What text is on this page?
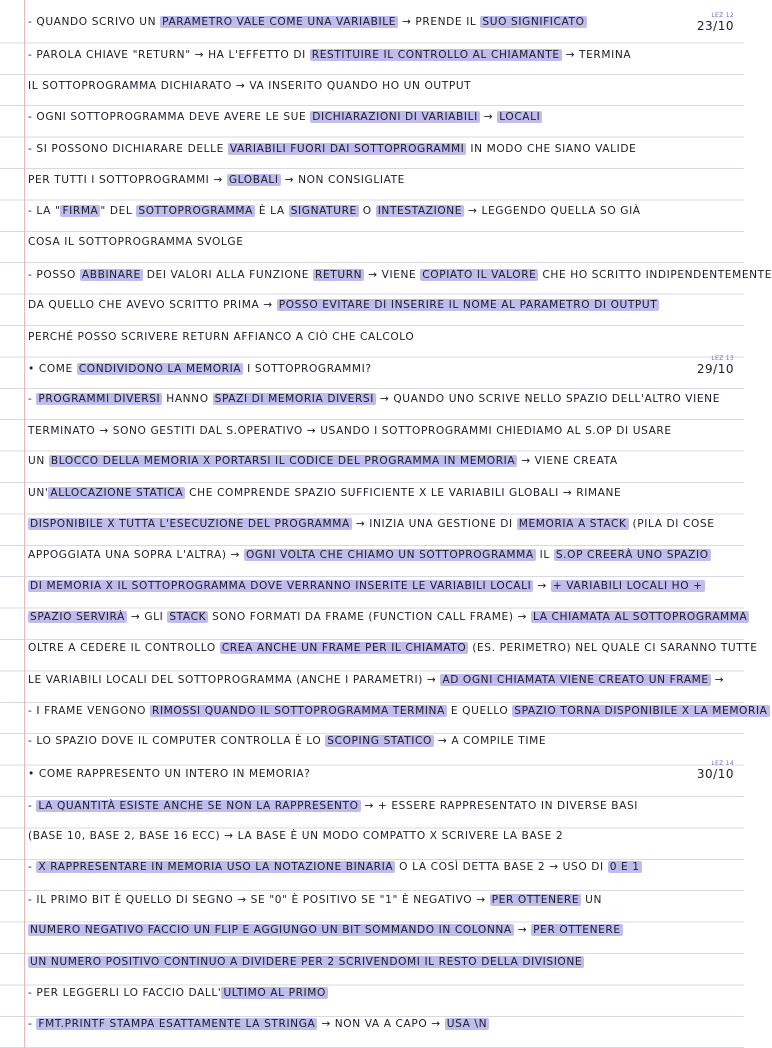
LEZ 12
23/10
- QUANDO SCRIVO UN PARAMETRO VALE COME UNA VARIABILE → PRENDE IL SUO SIGNIFICATO
- PAROLA CHIAVE "RETURN" → HA L'EFFETTO DI RESTITUIRE IL CONTROLLO AL CHIAMANTE → TERMINA
IL SOTTOPROGRAMMA DICHIARATO → VA INSERITO QUANDO HO UN OUTPUT
- OGNI SOTTOPROGRAMMA DEVE AVERE LE SUE DICHIARAZIONI DI VARIABILI → LOCALI
- SI POSSONO DICHIARARE DELLE VARIABILI FUORI DAI SOTTOPROGRAMMI IN MODO CHE SIANO VALIDE
PER TUTTI I SOTTOPROGRAMMI → GLOBALI → NON CONSIGLIATE
- LA " FIRMA " DEL SOTTOPROGRAMMA È LA SIGNATURE O INTESTAZIONE → LEGGENDO QUELLA SO GIÀ
COSA IL SOTTOPROGRAMMA SVOLGE
- POSSO ABBINARE DEI VALORI ALLA FUNZIONE RETURN → VIENE COPIATO IL VALORE CHE HO SCRITTO INDIPENDENTEMENTE
DA QUELLO CHE AVEVO SCRITTO PRIMA → POSSO EVITARE DI INSERIRE IL NOME AL PARAMETRO DI OUTPUT
PERCHÉ POSSO SCRIVERE RETURN AFFIANCO A CIÒ CHE CALCOLO
LEZ 13
29/10
• COME CONDIVIDONO LA MEMORIA I SOTTOPROGRAMMI?
- PROGRAMMI DIVERSI HANNO SPAZI DI MEMORIA DIVERSI → QUANDO UNO SCRIVE NELLO SPAZIO DELL'ALTRO VIENE
TERMINATO → SONO GESTITI DAL S.OPERATIVO → USANDO I SOTTOPROGRAMMI CHIEDIAMO AL S.OP DI USARE
UN BLOCCO DELLA MEMORIA X PORTARSI IL CODICE DEL PROGRAMMA IN MEMORIA → VIENE CREATA
UN' ALLOCAZIONE STATICA CHE COMPRENDE SPAZIO SUFFICIENTE X LE VARIABILI GLOBALI → RIMANE
DISPONIBILE X TUTTA L'ESECUZIONE DEL PROGRAMMA → INIZIA UNA GESTIONE DI MEMORIA A STACK (PILA DI COSE
APPOGGIATA UNA SOPRA L'ALTRA) → OGNI VOLTA CHE CHIAMO UN SOTTOPROGRAMMA IL S.OP CREERÀ UNO SPAZIO
DI MEMORIA X IL SOTTOPROGRAMMA DOVE VERRANNO INSERITE LE VARIABILI LOCALI → + VARIABILI LOCALI HO +
SPAZIO SERVIRÀ → GLI STACK SONO FORMATI DA FRAME (FUNCTION CALL FRAME) → LA CHIAMATA AL SOTTOPROGRAMMA
OLTRE A CEDERE IL CONTROLLO CREA ANCHE UN FRAME PER IL CHIAMATO (ES. PERIMETRO) NEL QUALE CI SARANNO TUTTE
LE VARIABILI LOCALI DEL SOTTOPROGRAMMA (ANCHE I PARAMETRI) → AD OGNI CHIAMATA VIENE CREATO UN FRAME →
- I FRAME VENGONO RIMOSSI QUANDO IL SOTTOPROGRAMMA TERMINA E QUELLO SPAZIO TORNA DISPONIBILE X LA MEMORIA
- LO SPAZIO DOVE IL COMPUTER CONTROLLA È LO SCOPING STATICO → A COMPILE TIME
LEZ 14
30/10
• COME RAPPRESENTO UN INTERO IN MEMORIA?
- LA QUANTITÀ ESISTE ANCHE SE NON LA RAPPRESENTO → + ESSERE RAPPRESENTATO IN DIVERSE BASI
(BASE 10, BASE 2, BASE 16 ECC) → LA BASE È UN MODO COMPATTO X SCRIVERE LA BASE 2
- X RAPPRESENTARE IN MEMORIA USO LA NOTAZIONE BINARIA O LA COSÌ DETTA BASE 2 → USO DI 0 E 1
- IL PRIMO BIT È QUELLO DI SEGNO → SE "0" È POSITIVO SE "1" È NEGATIVO → PER OTTENERE UN
NUMERO NEGATIVO FACCIO UN FLIP E AGGIUNGO UN BIT SOMMANDO IN COLONNA → PER OTTENERE
UN NUMERO POSITIVO CONTINUO A DIVIDERE PER 2 SCRIVENDOMI IL RESTO DELLA DIVISIONE
- PER LEGGERLI LO FACCIO DALL' ULTIMO AL PRIMO
- FMT.PRINTF STAMPA ESATTAMENTE LA STRINGA → NON VA A CAPO → USA \N
